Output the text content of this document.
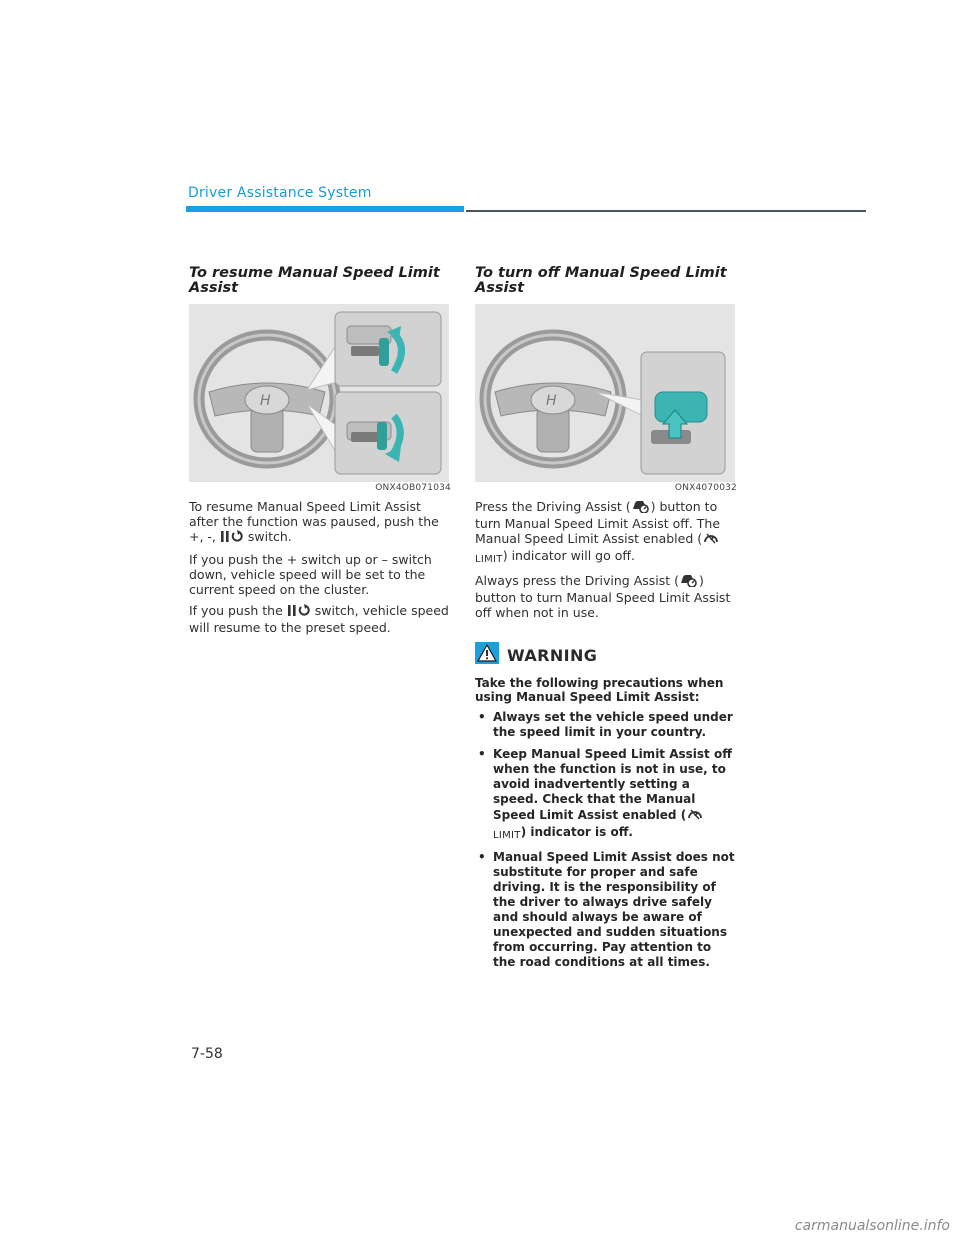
Driver Assistance System
To resume Manual Speed Limit Assist
H
ONX4OB071034

To resume Manual Speed Limit Assist after the function was paused, push the +, -,	switch.

If you push the + switch up or – switch down, vehicle speed will be set to the current speed on the cluster.

If you push the	switch, vehicle speed will resume to the preset speed.

To turn off Manual Speed Limit Assist
H
ONX4070032

Press the Driving Assist ( ) button to turn Manual Speed Limit Assist off. The Manual Speed Limit Assist enabled (LIMIT) indicator will go off.

Always press the Driving Assist ( ) button to turn Manual Speed Limit Assist off when not in use.

WARNING

Take the following precautions when using Manual Speed Limit Assist:

• Always set the vehicle speed under the speed limit in your country.
• Keep Manual Speed Limit Assist off when the function is not in use, to avoid inadvertently setting a speed. Check that the Manual Speed Limit Assist enabled (LIMIT) indicator is off.
• Manual Speed Limit Assist does not substitute for proper and safe driving. It is the responsibility of the driver to always drive safely and should always be aware of unexpected and sudden situations from occurring. Pay attention to the road conditions at all times.
7-58
carmanualsonline.info
